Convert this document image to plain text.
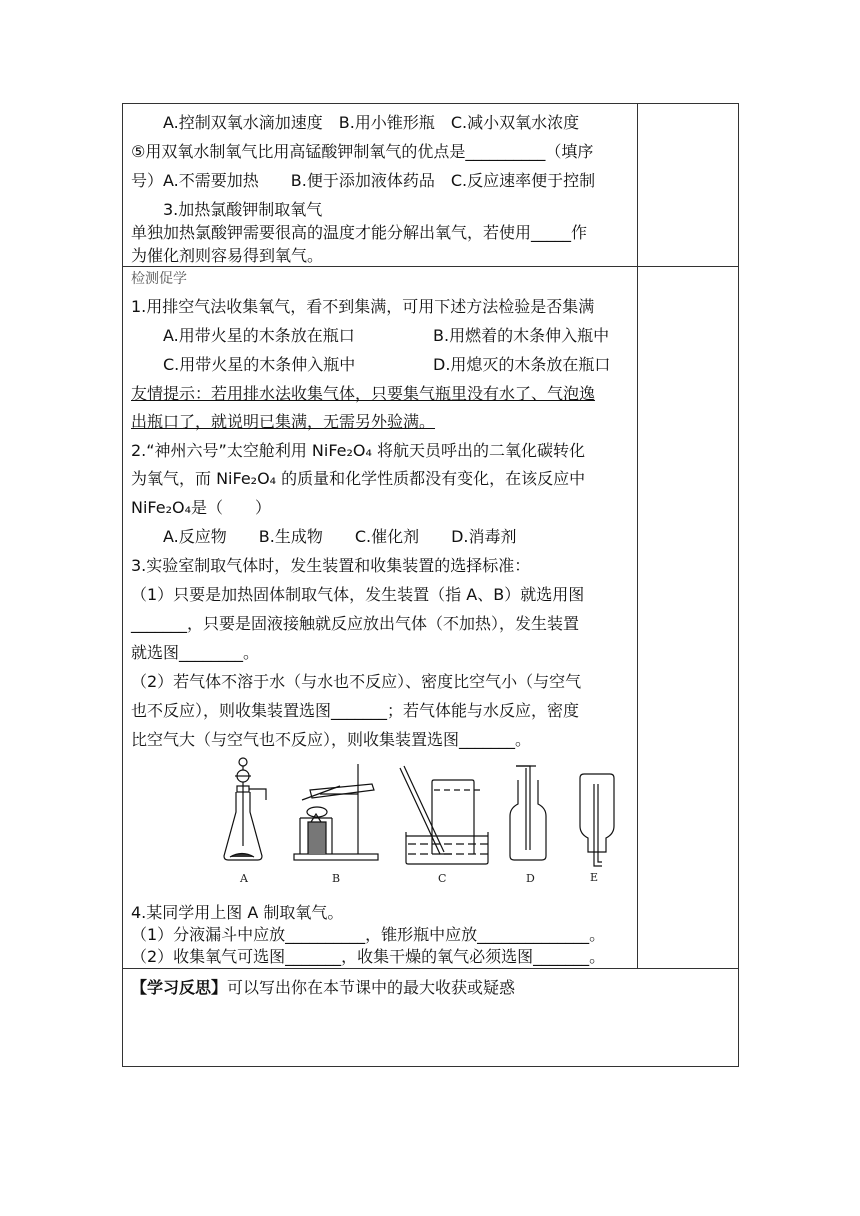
A.控制双氧水滴加速度　B.用小锥形瓶　C.减小双氧水浓度
⑤用双氧水制氧气比用高锰酸钾制氧气的优点是__________（填序
号）A.不需要加热　　B.便于添加液体药品　C.反应速率便于控制
3.加热氯酸钾制取氧气
单独加热氯酸钾需要很高的温度才能分解出氧气，若使用_____作
为催化剂则容易得到氧气。
检测促学
1.用排空气法收集氧气，看不到集满，可用下述方法检验是否集满
A.用带火星的木条放在瓶口	B.用燃着的木条伸入瓶中
C.用带火星的木条伸入瓶中	D.用熄灭的木条放在瓶口
友情提示：若用排水法收集气体，只要集气瓶里没有水了、气泡逸
出瓶口了，就说明已集满，无需另外验满。
2.“神州六号”太空舱利用 NiFe₂O₄ 将航天员呼出的二氧化碳转化
为氧气，而 NiFe₂O₄ 的质量和化学性质都没有变化，在该反应中
NiFe₂O₄是（　　）
A.反应物　　B.生成物　　C.催化剂　　D.消毒剂
3.实验室制取气体时，发生装置和收集装置的选择标准：
（1）只要是加热固体制取气体，发生装置（指 A、B）就选用图
_______，只要是固液接触就反应放出气体（不加热），发生装置
就选图________。
（2）若气体不溶于水（与水也不反应）、密度比空气小（与空气
也不反应），则收集装置选图_______；若气体能与水反应，密度
比空气大（与空气也不反应），则收集装置选图_______。
A	B	C	D	E
4.某同学用上图 A 制取氧气。
（1）分液漏斗中应放__________，锥形瓶中应放______________。
（2）收集氧气可选图_______，收集干燥的氧气必须选图_______。
【学习反思】可以写出你在本节课中的最大收获或疑惑
